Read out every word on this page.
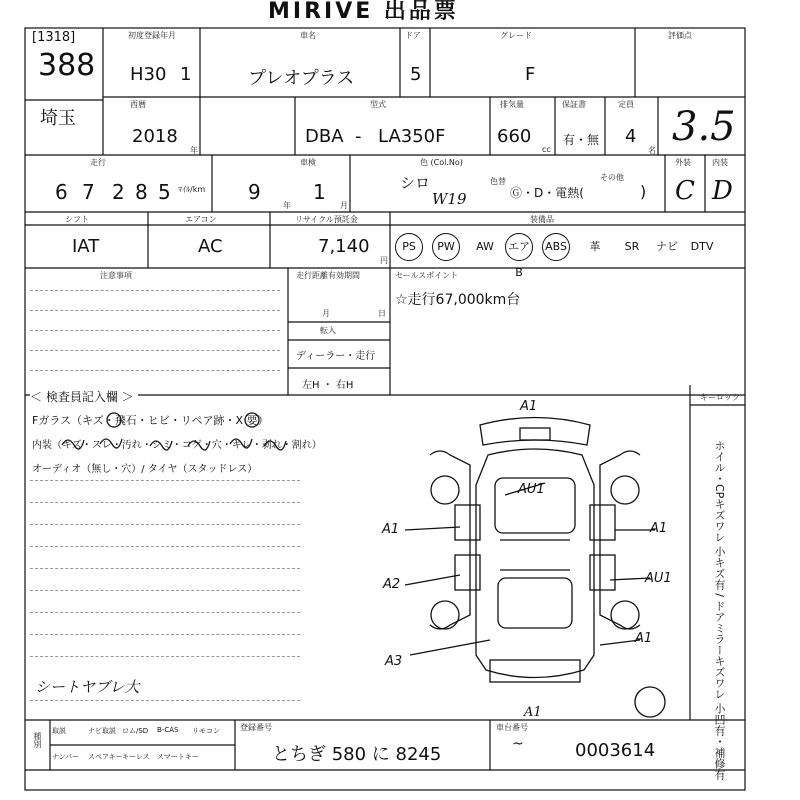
MIRIVE 出品票
[1318]
388
埼玉
初度登録年月
H30 1
車名
プレオプラス
ドア
5
グレード
F
評価点
西暦
2018
年
型式
DBA - LA350F
排気量
660
cc
保証書
有・無
定員
4
名
3.5
走行
6 7 2 8 5 ﾏｲﾙ/km
車検
9
年
1
月
色 (Col.No)
シロ
W19
色替	その他
Ⓖ・D・電熱(	)
外装	内装
C D
シフト
IAT
エアコン
AC
リサイクル預託金
7,140
円
装備品
PS	PW	AW	エアB
ABS	革	SR	ナビ	DTV
注意事項	走行距離有効期間
月	日
転入
ディーラー・走行
左H ・ 右H
セールスポイント
☆走行67,000km台
＜ 検査員記入欄 ＞
Fガラス（キズ・飛石・ヒビ・リペア跡・X 要）
内装（キズ・スレ・汚れ・シミ・コゲ・穴・キレ・剥れ・割れ）
オーディオ（無し・穴）/ タイヤ（スタッドレス）
シートヤブレ大
A1
AU1
A1	A1
A2	AU1
A1
A3
キーロック
ホイル・CPキズワレ 小キズ有 / ドアミラーキズワレ 小凹有・補修有
種別
取説	ナビ取説 ロム/SD B-CAS リモコン
ナンバー スペアキー キーレス スマートキー
登録番号
とちぎ 580 に 8245
車台番号
~	0003614
A1
